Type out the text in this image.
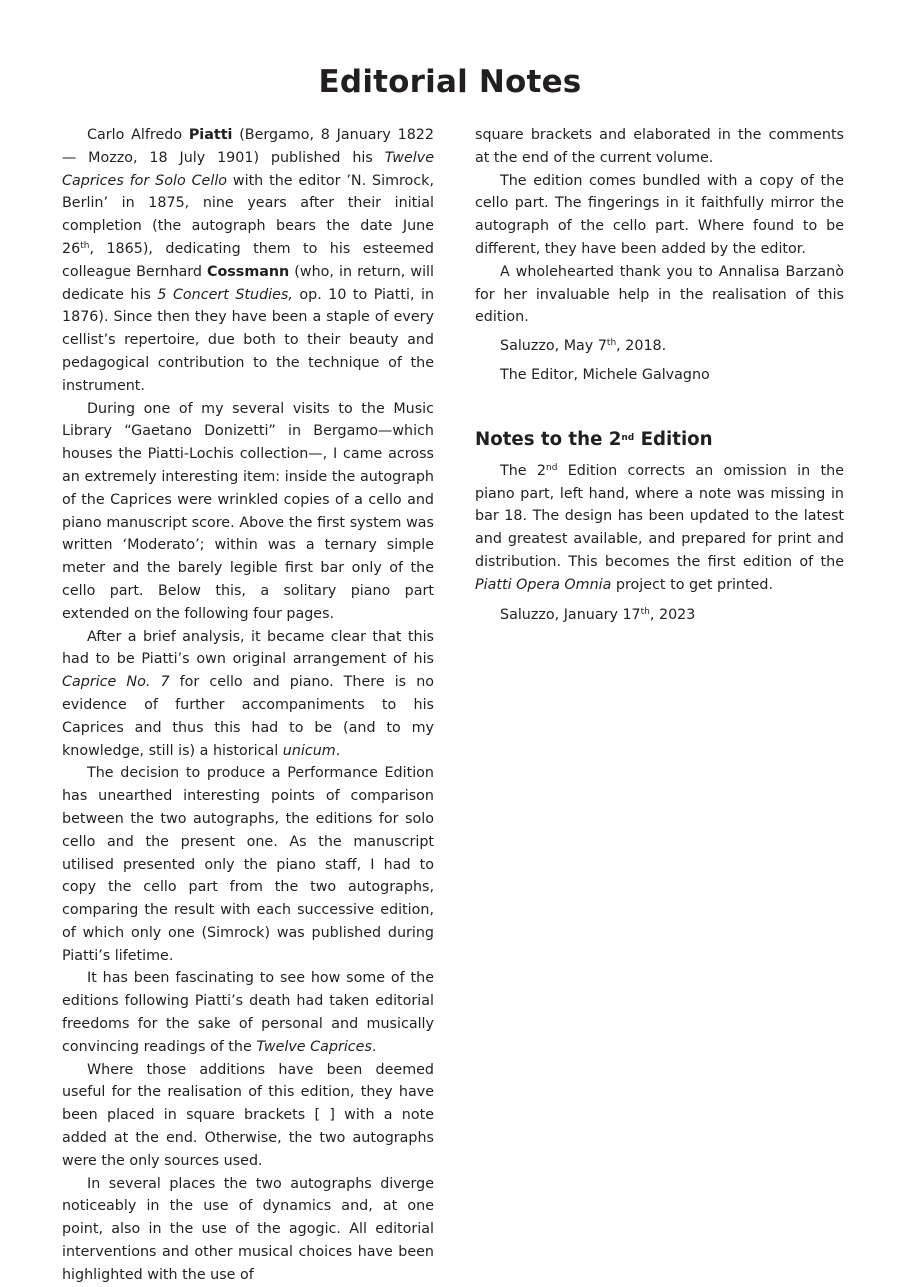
Editorial Notes

Carlo Alfredo Piatti (Bergamo, 8 January 1822 — Mozzo, 18 July 1901) published his Twelve Caprices for Solo Cello with the editor ’N. Simrock, Berlin’ in 1875, nine years after their initial completion (the autograph bears the date June 26th, 1865), dedicating them to his esteemed colleague Bernhard Cossmann (who, in return, will dedicate his 5 Concert Studies, op. 10 to Piatti, in 1876). Since then they have been a staple of every cellist’s repertoire, due both to their beauty and pedagogical contribution to the technique of the instrument.

During one of my several visits to the Music Library “Gaetano Donizetti” in Bergamo—which houses the Piatti-Lochis collection—, I came across an extremely interesting item: inside the autograph of the Caprices were wrinkled copies of a cello and piano manuscript score. Above the first system was written ‘Moderato’; within was a ternary simple meter and the barely legible first bar only of the cello part. Below this, a solitary piano part extended on the following four pages.

After a brief analysis, it became clear that this had to be Piatti’s own original arrangement of his Caprice No. 7 for cello and piano. There is no evidence of further accompaniments to his Caprices and thus this had to be (and to my knowledge, still is) a historical unicum.

The decision to produce a Performance Edition has unearthed interesting points of comparison between the two autographs, the editions for solo cello and the present one. As the manuscript utilised presented only the piano staff, I had to copy the cello part from the two autographs, comparing the result with each successive edition, of which only one (Simrock) was published during Piatti’s lifetime.

It has been fascinating to see how some of the editions following Piatti’s death had taken editorial freedoms for the sake of personal and musically convincing readings of the Twelve Caprices.

Where those additions have been deemed useful for the realisation of this edition, they have been placed in square brackets [ ] with a note added at the end. Otherwise, the two autographs were the only sources used.

In several places the two autographs diverge noticeably in the use of dynamics and, at one point, also in the use of the agogic. All editorial interventions and other musical choices have been highlighted with the use of

square brackets and elaborated in the comments at the end of the current volume.

The edition comes bundled with a copy of the cello part. The fingerings in it faithfully mirror the autograph of the cello part. Where found to be different, they have been added by the editor.

A wholehearted thank you to Annalisa Barzanò for her invaluable help in the realisation of this edition.

Saluzzo, May 7th, 2018.

The Editor, Michele Galvagno

Notes to the 2nd Edition

The 2nd Edition corrects an omission in the piano part, left hand, where a note was missing in bar 18. The design has been updated to the latest and greatest available, and prepared for print and distribution. This becomes the first edition of the Piatti Opera Omnia project to get printed.

Saluzzo, January 17th, 2023
